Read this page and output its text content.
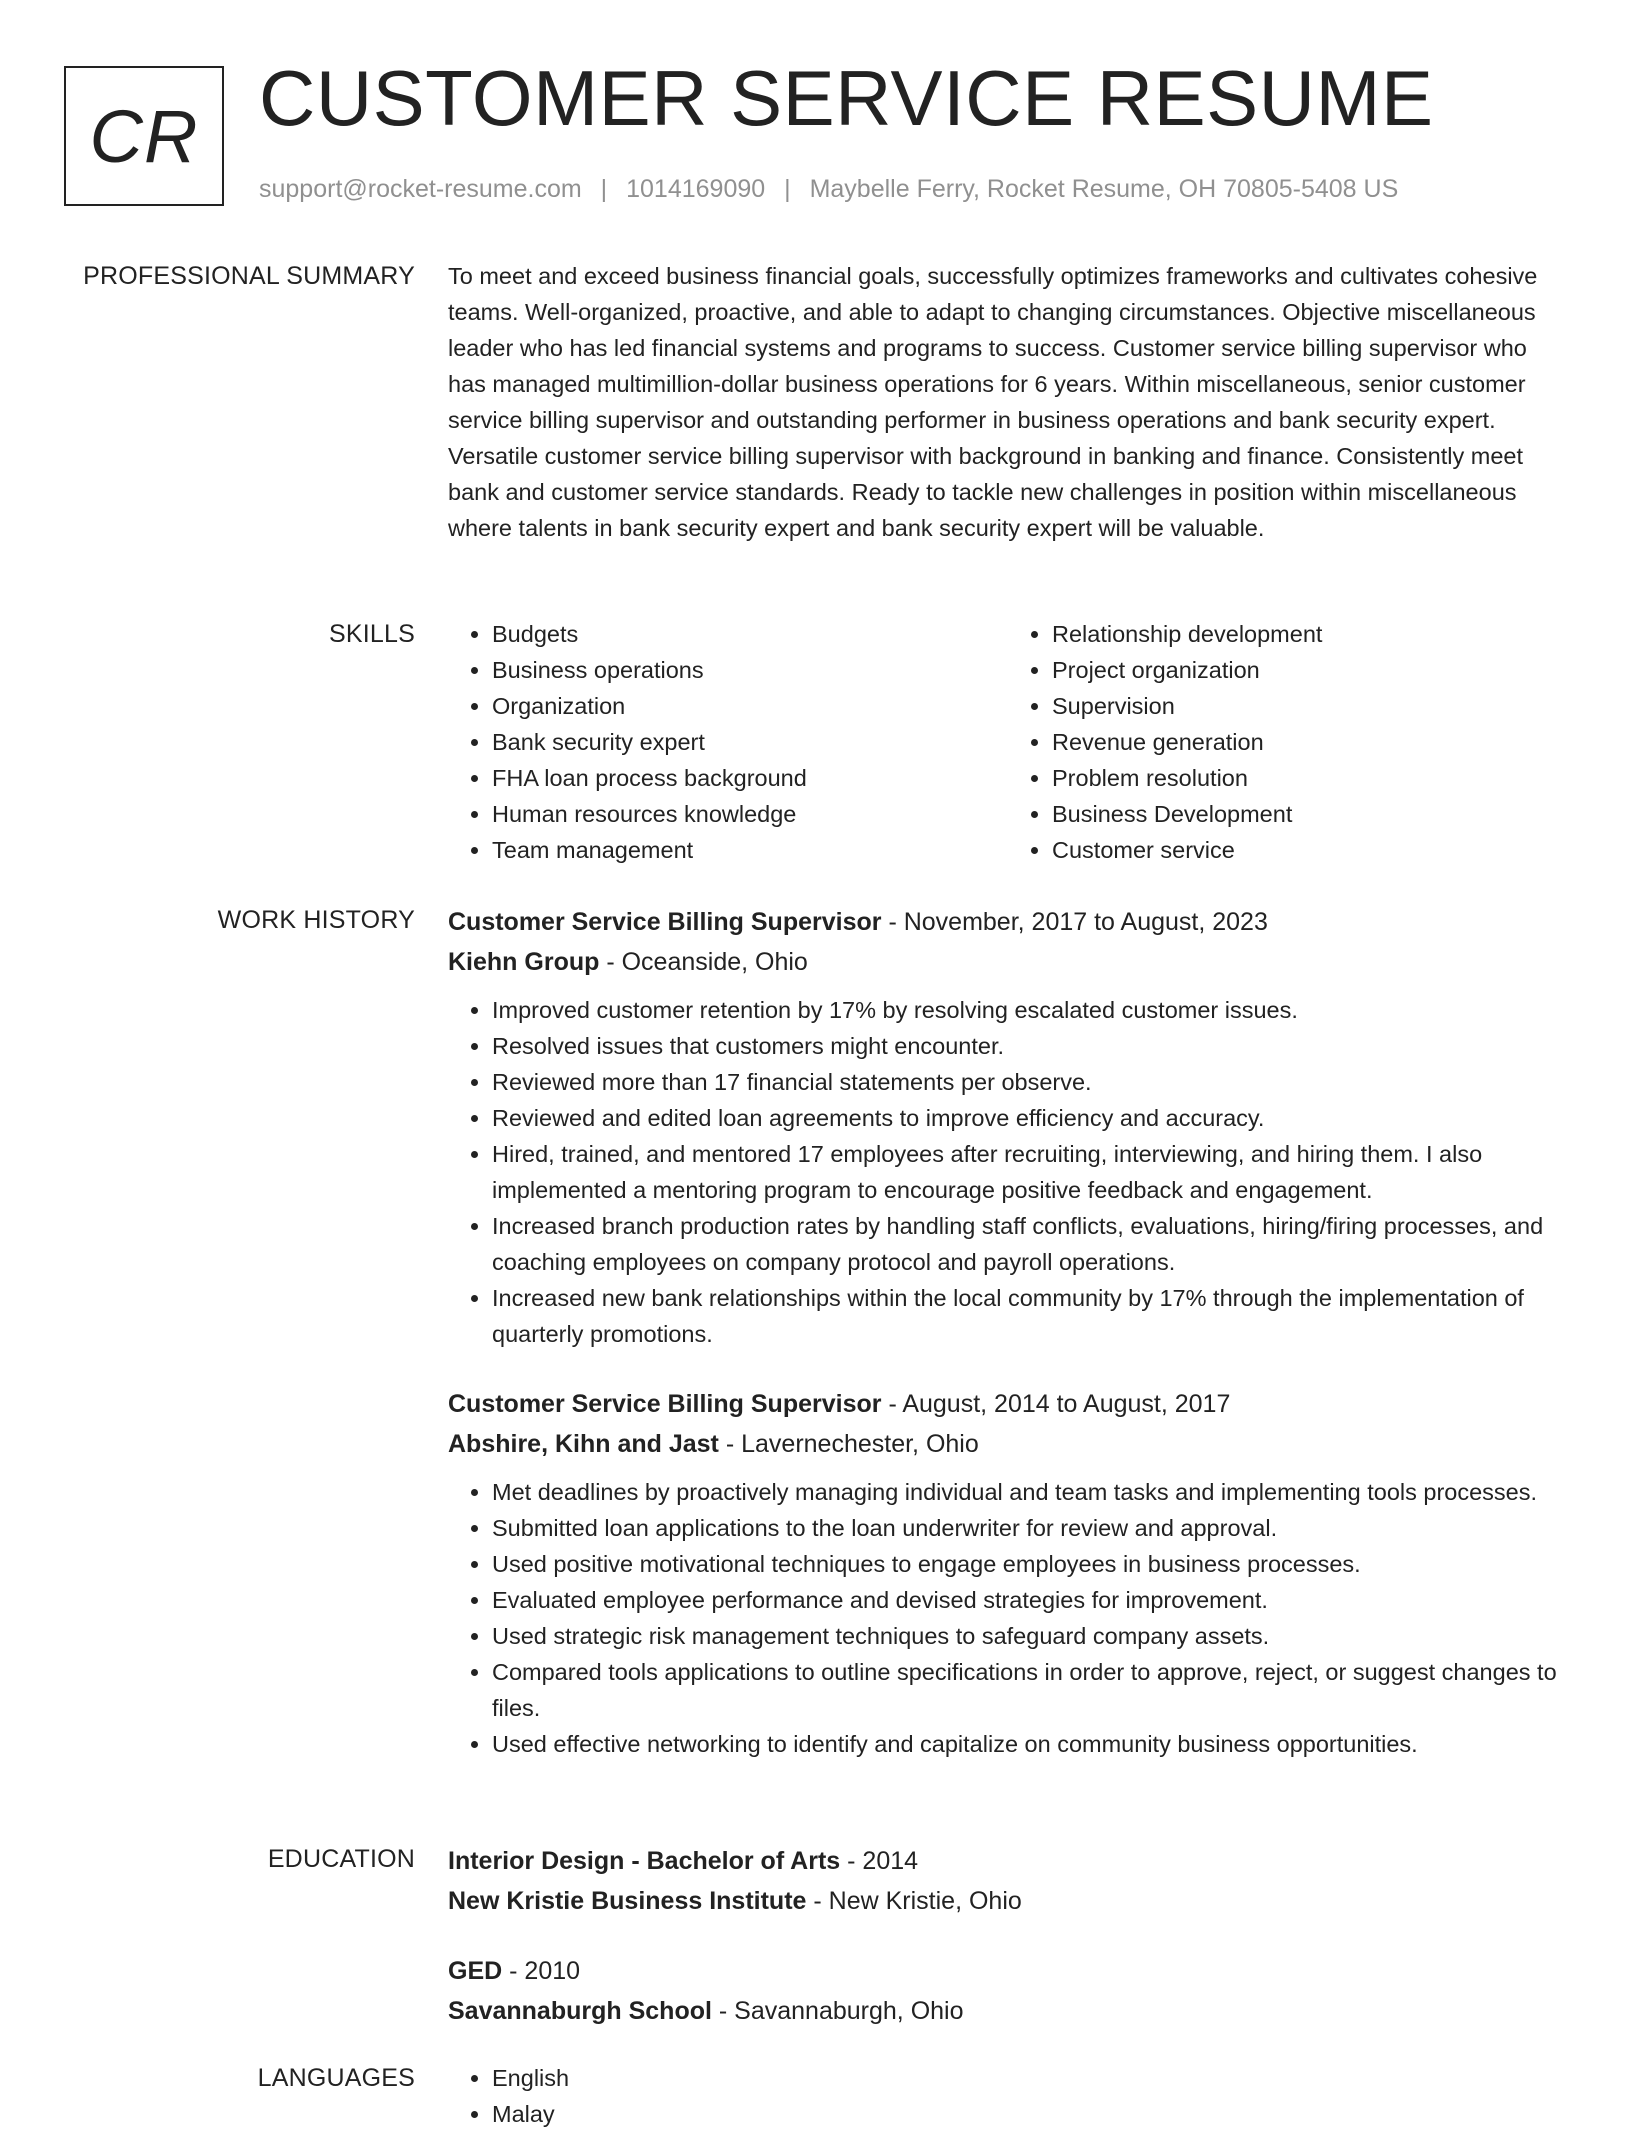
CR CUSTOMER SERVICE RESUME
support@rocket-resume.com | 1014169090 | Maybelle Ferry, Rocket Resume, OH 70805-5408 US
PROFESSIONAL SUMMARY To meet and exceed business financial goals, successfully optimizes frameworks and cultivates cohesive teams. Well-organized, proactive, and able to adapt to changing circumstances. Objective miscellaneous leader who has led financial systems and programs to success. Customer service billing supervisor who has managed multimillion-dollar business operations for 6 years. Within miscellaneous, senior customer service billing supervisor and outstanding performer in business operations and bank security expert. Versatile customer service billing supervisor with background in banking and finance. Consistently meet bank and customer service standards. Ready to tackle new challenges in position within miscellaneous where talents in bank security expert and bank security expert will be valuable.

SKILLS	• Budgets
• Business operations
• Organization
• Bank security expert
• FHA loan process background
• Human resources knowledge
• Team management
• Relationship development
• Project organization
• Supervision
• Revenue generation
• Problem resolution
• Business Development
• Customer service
WORK HISTORY Customer Service Billing Supervisor - November, 2017 to August, 2023
Kiehn Group - Oceanside, Ohio
• Improved customer retention by 17% by resolving escalated customer issues.
• Resolved issues that customers might encounter.
• Reviewed more than 17 financial statements per observe.
• Reviewed and edited loan agreements to improve efficiency and accuracy.
• Hired, trained, and mentored 17 employees after recruiting, interviewing, and hiring them. I also implemented a mentoring program to encourage positive feedback and engagement.
• Increased branch production rates by handling staff conflicts, evaluations, hiring/firing processes, and coaching employees on company protocol and payroll operations.
• Increased new bank relationships within the local community by 17% through the implementation of quarterly promotions.
Customer Service Billing Supervisor - August, 2014 to August, 2017
Abshire, Kihn and Jast - Lavernechester, Ohio
• Met deadlines by proactively managing individual and team tasks and implementing tools processes.
• Submitted loan applications to the loan underwriter for review and approval.
• Used positive motivational techniques to engage employees in business processes.
• Evaluated employee performance and devised strategies for improvement.
• Used strategic risk management techniques to safeguard company assets.
• Compared tools applications to outline specifications in order to approve, reject, or suggest changes to files.
• Used effective networking to identify and capitalize on community business opportunities.
EDUCATION Interior Design - Bachelor of Arts - 2014
New Kristie Business Institute - New Kristie, Ohio
GED - 2010
Savannaburgh School - Savannaburgh, Ohio
LANGUAGES	• English
• Malay
